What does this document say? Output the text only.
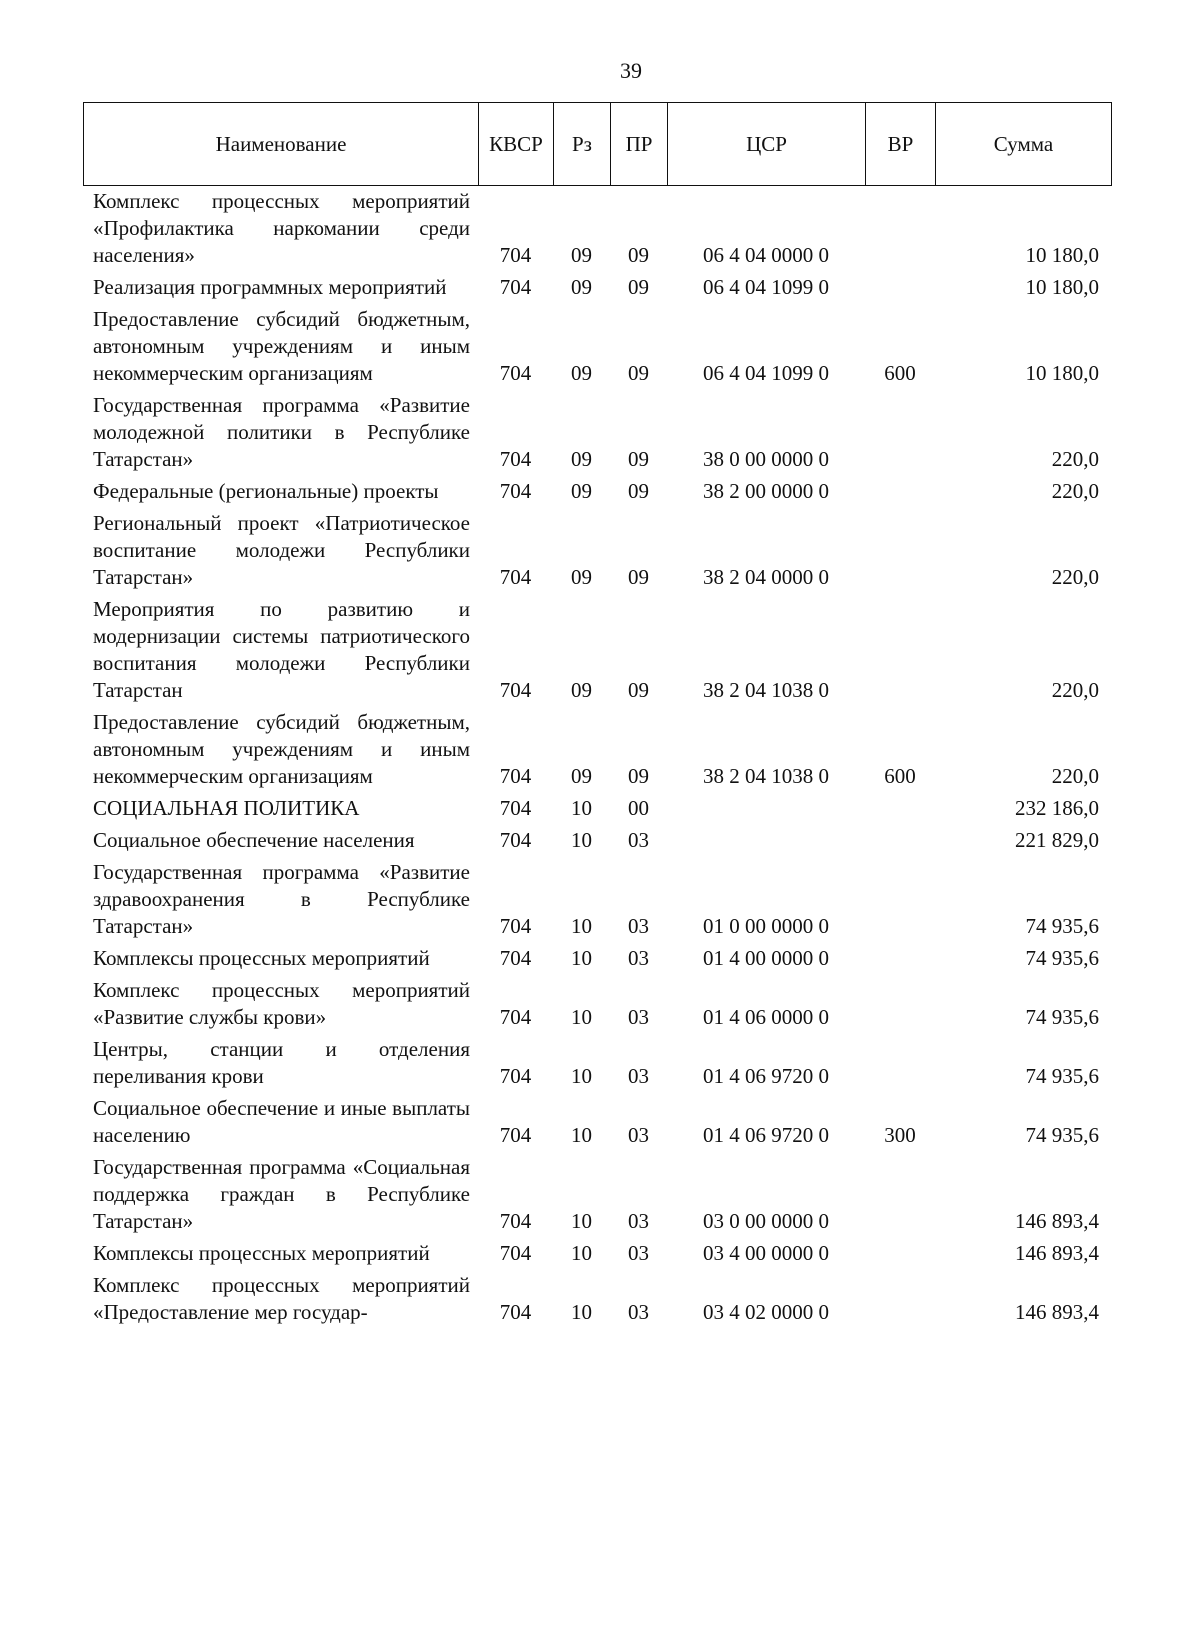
39
Наименование	КВСР	Рз	ПР	ЦСР	ВР	Сумма
Комплекс процессных мероприятий «Профилактика наркомании среди населения»	704	09	09	06 4 04 0000 0		10 180,0
Реализация программных мероприятий	704	09	09	06 4 04 1099 0		10 180,0
Предоставление субсидий бюджетным, автономным учреждениям и иным некоммерческим организациям	704	09	09	06 4 04 1099 0	600	10 180,0
Государственная программа «Развитие молодежной политики в Республике Татарстан»	704	09	09	38 0 00 0000 0		220,0
Федеральные (региональные) проекты	704	09	09	38 2 00 0000 0		220,0
Региональный проект «Патриотическое воспитание молодежи Республики Татарстан»	704	09	09	38 2 04 0000 0		220,0
Мероприятия по развитию и модернизации системы патриотического воспитания молодежи Республики Татарстан	704	09	09	38 2 04 1038 0		220,0
Предоставление субсидий бюджетным, автономным учреждениям и иным некоммерческим организациям	704	09	09	38 2 04 1038 0	600	220,0
СОЦИАЛЬНАЯ ПОЛИТИКА	704	10	00			232 186,0
Социальное обеспечение населения	704	10	03			221 829,0
Государственная программа «Развитие здравоохранения в Республике Татарстан»	704	10	03	01 0 00 0000 0		74 935,6
Комплексы процессных мероприятий	704	10	03	01 4 00 0000 0		74 935,6
Комплекс процессных мероприятий «Развитие службы крови»	704	10	03	01 4 06 0000 0		74 935,6
Центры, станции и отделения переливания крови	704	10	03	01 4 06 9720 0		74 935,6
Социальное обеспечение и иные выплаты населению	704	10	03	01 4 06 9720 0	300	74 935,6
Государственная программа «Социальная поддержка граждан в Республике Татарстан»	704	10	03	03 0 00 0000 0		146 893,4
Комплексы процессных мероприятий	704	10	03	03 4 00 0000 0		146 893,4
Комплекс процессных мероприятий «Предоставление мер государ-	704	10	03	03 4 02 0000 0		146 893,4
